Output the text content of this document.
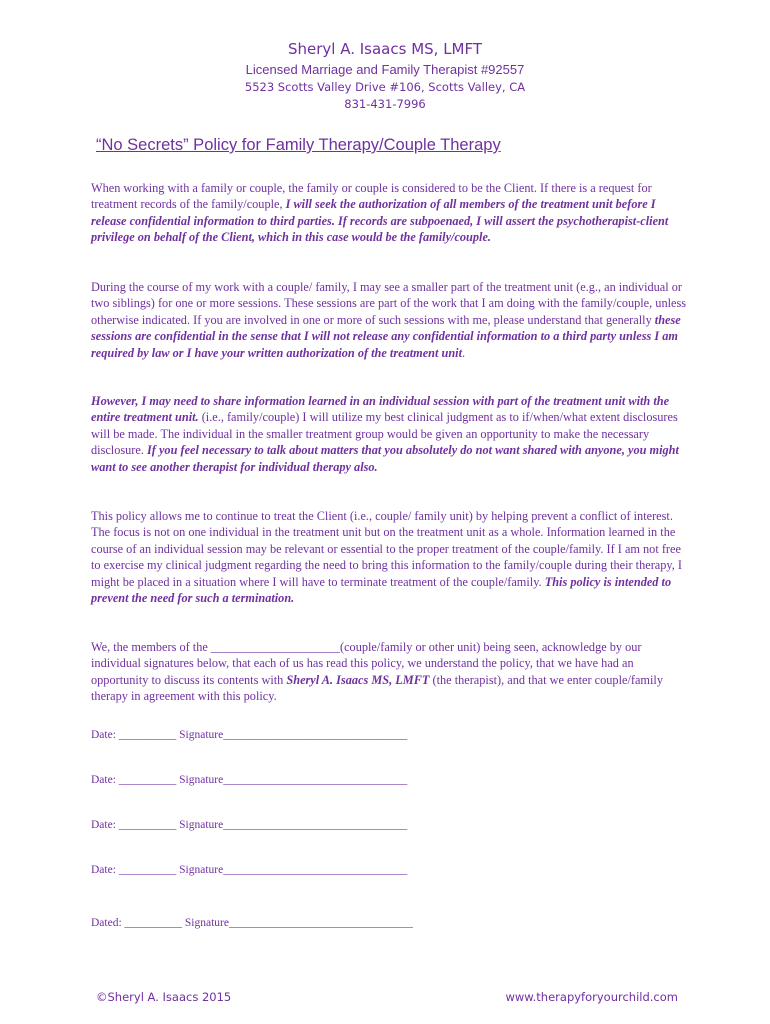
Sheryl A. Isaacs MS, LMFT
Licensed Marriage and Family Therapist #92557
5523 Scotts Valley Drive #106, Scotts Valley, CA
831-431-7996
“No Secrets” Policy for Family Therapy/Couple Therapy
When working with a family or couple, the family or couple is considered to be the Client. If there is a request for treatment records of the family/couple, I will seek the authorization of all members of the treatment unit before I release confidential information to third parties. If records are subpoenaed, I will assert the psychotherapist-client privilege on behalf of the Client, which in this case would be the family/couple.
During the course of my work with a couple/ family, I may see a smaller part of the treatment unit (e.g., an individual or two siblings) for one or more sessions. These sessions are part of the work that I am doing with the family/couple, unless otherwise indicated. If you are involved in one or more of such sessions with me, please understand that generally these sessions are confidential in the sense that I will not release any confidential information to a third party unless I am required by law or I have your written authorization of the treatment unit.
However, I may need to share information learned in an individual session with part of the treatment unit with the entire treatment unit. (i.e., family/couple) I will utilize my best clinical judgment as to if/when/what extent disclosures will be made. The individual in the smaller treatment group would be given an opportunity to make the necessary disclosure. If you feel necessary to talk about matters that you absolutely do not want shared with anyone, you might want to see another therapist for individual therapy also.
This policy allows me to continue to treat the Client (i.e., couple/ family unit) by helping prevent a conflict of interest. The focus is not on one individual in the treatment unit but on the treatment unit as a whole. Information learned in the course of an individual session may be relevant or essential to the proper treatment of the couple/family. If I am not free to exercise my clinical judgment regarding the need to bring this information to the family/couple during their therapy, I might be placed in a situation where I will have to terminate treatment of the couple/family. This policy is intended to prevent the need for such a termination.
We, the members of the _____________________(couple/family or other unit) being seen, acknowledge by our individual signatures below, that each of us has read this policy, we understand the policy, that we have had an opportunity to discuss its contents with Sheryl A. Isaacs MS, LMFT (the therapist), and that we enter couple/family therapy in agreement with this policy.
Date: __________ Signature________________________________
Date: __________ Signature________________________________
Date: __________ Signature________________________________
Date: __________ Signature________________________________
Dated: __________ Signature________________________________
©Sheryl A. Isaacs 2015	www.therapyforyourchild.com
